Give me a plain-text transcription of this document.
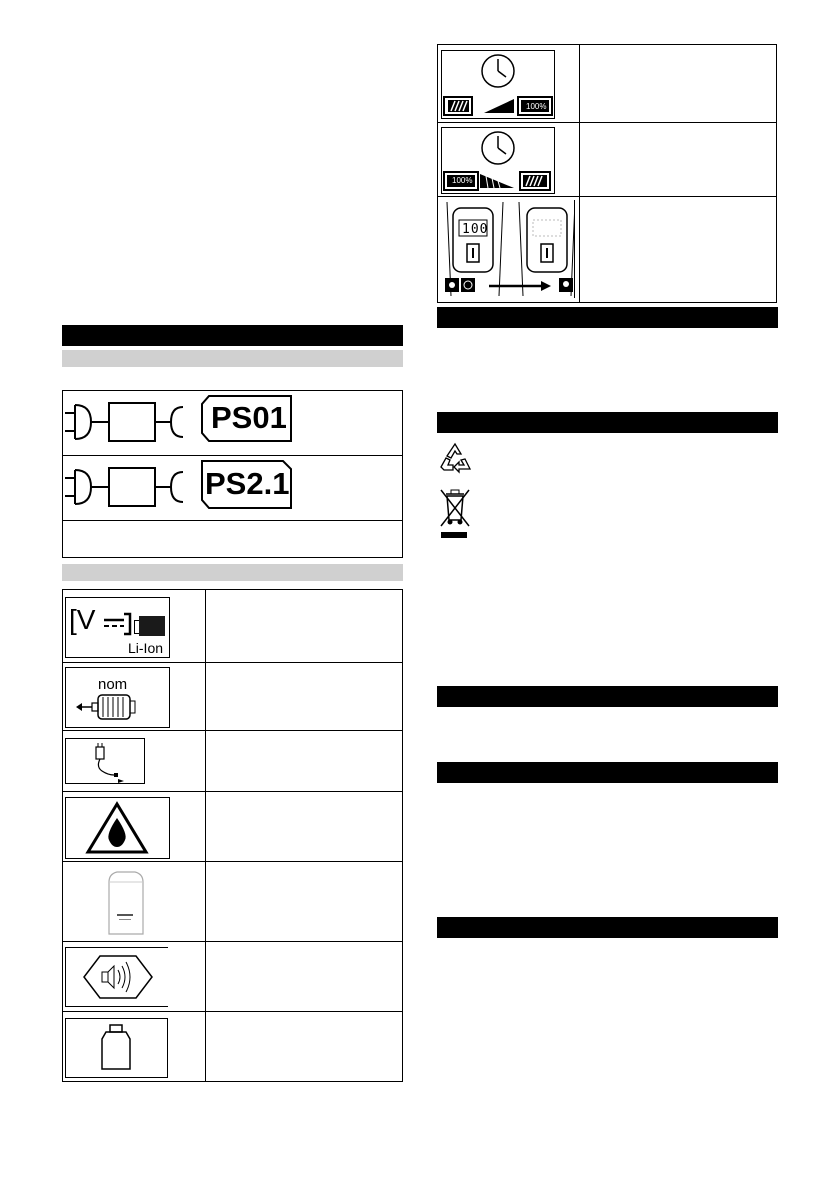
PS01
PS2.1
[V
Li-Ion
nom
100%
100%
100
